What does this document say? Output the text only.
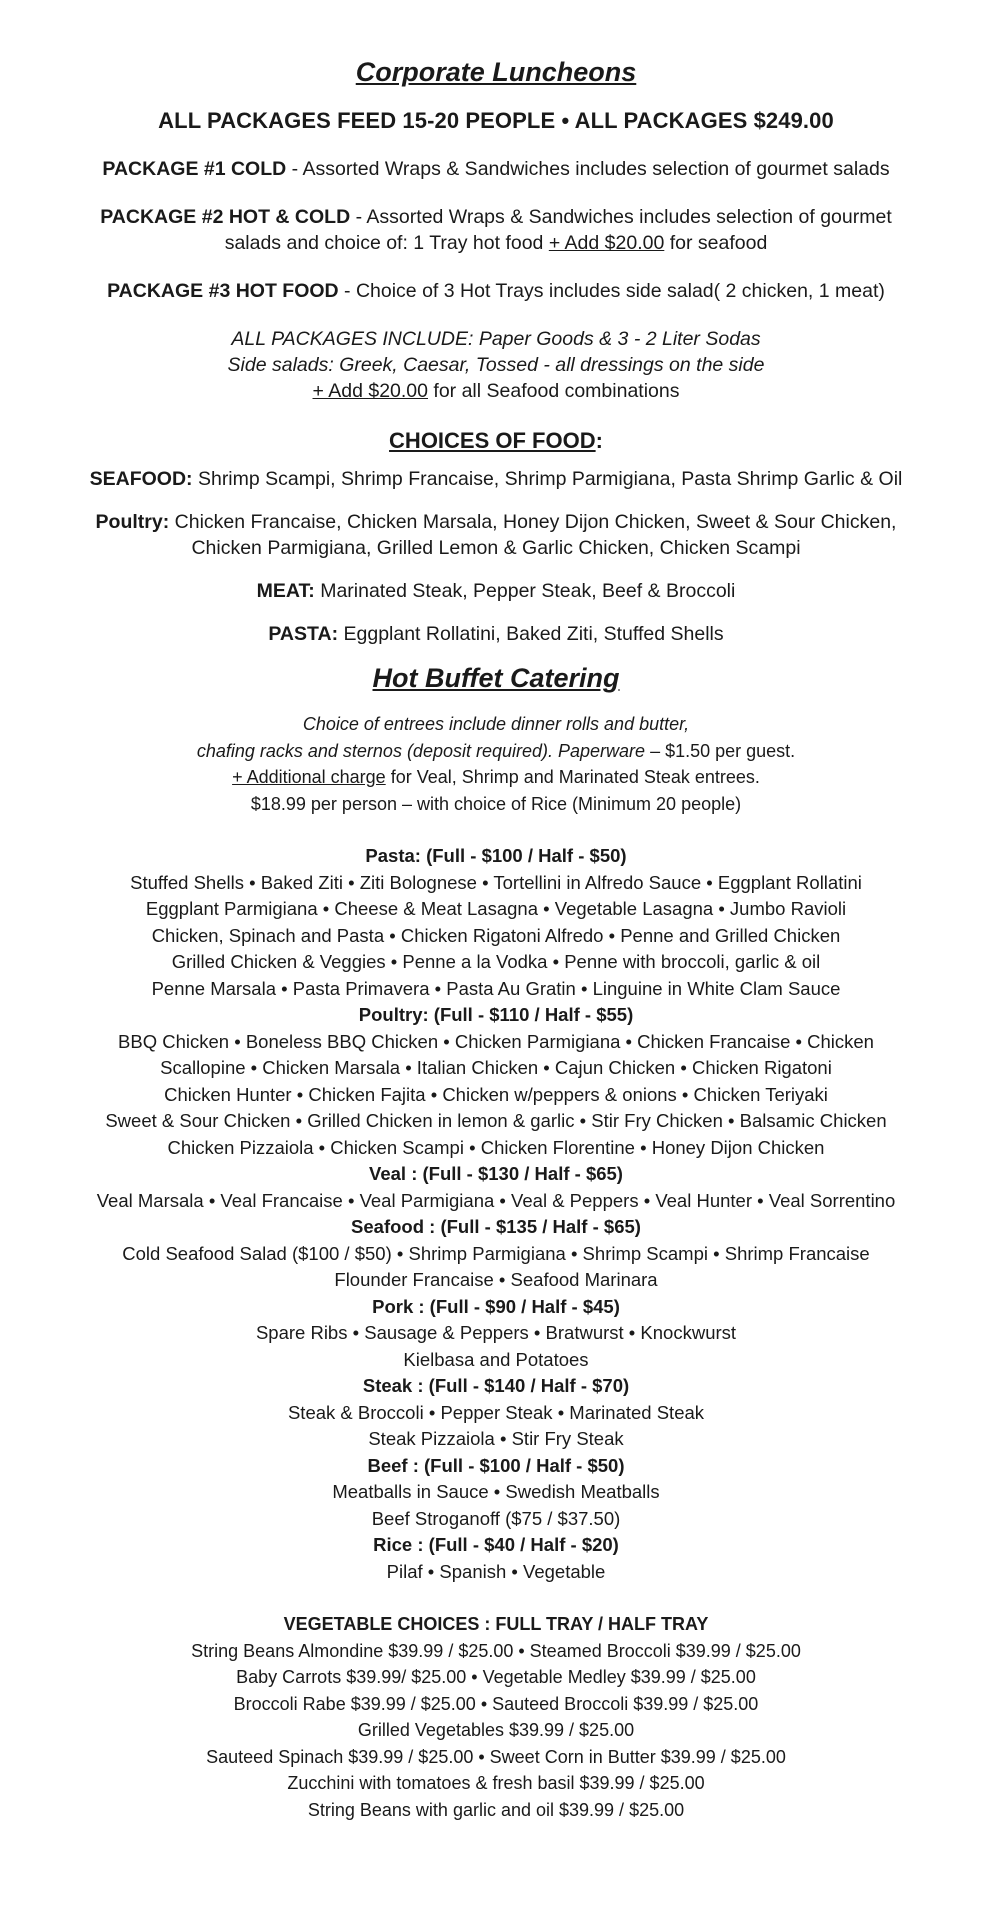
Corporate Luncheons

ALL PACKAGES FEED 15-20 PEOPLE • ALL PACKAGES $249.00

PACKAGE #1 COLD - Assorted Wraps & Sandwiches includes selection of gourmet salads

PACKAGE #2 HOT & COLD - Assorted Wraps & Sandwiches includes selection of gourmet
salads and choice of: 1 Tray hot food + Add $20.00 for seafood

PACKAGE #3 HOT FOOD - Choice of 3 Hot Trays includes side salad( 2 chicken, 1 meat)

ALL PACKAGES INCLUDE: Paper Goods & 3 - 2 Liter Sodas
Side salads: Greek, Caesar, Tossed - all dressings on the side
+ Add $20.00 for all Seafood combinations

CHOICES OF FOOD:

SEAFOOD: Shrimp Scampi, Shrimp Francaise, Shrimp Parmigiana, Pasta Shrimp Garlic & Oil

Poultry: Chicken Francaise, Chicken Marsala, Honey Dijon Chicken, Sweet & Sour Chicken,
Chicken Parmigiana, Grilled Lemon & Garlic Chicken, Chicken Scampi

MEAT: Marinated Steak, Pepper Steak, Beef & Broccoli

PASTA: Eggplant Rollatini, Baked Ziti, Stuffed Shells

Hot Buffet Catering

Choice of entrees include dinner rolls and butter,
chafing racks and sternos (deposit required). Paperware – $1.50 per guest.
+ Additional charge for Veal, Shrimp and Marinated Steak entrees.
$18.99 per person – with choice of Rice (Minimum 20 people)

Pasta: (Full - $100 / Half - $50)
Stuffed Shells • Baked Ziti • Ziti Bolognese • Tortellini in Alfredo Sauce • Eggplant Rollatini
Eggplant Parmigiana • Cheese & Meat Lasagna • Vegetable Lasagna • Jumbo Ravioli
Chicken, Spinach and Pasta • Chicken Rigatoni Alfredo • Penne and Grilled Chicken
Grilled Chicken & Veggies • Penne a la Vodka • Penne with broccoli, garlic & oil
Penne Marsala • Pasta Primavera • Pasta Au Gratin • Linguine in White Clam Sauce
Poultry: (Full - $110 / Half - $55)
BBQ Chicken • Boneless BBQ Chicken • Chicken Parmigiana • Chicken Francaise • Chicken
Scallopine • Chicken Marsala • Italian Chicken • Cajun Chicken • Chicken Rigatoni
Chicken Hunter • Chicken Fajita • Chicken w/peppers & onions • Chicken Teriyaki
Sweet & Sour Chicken • Grilled Chicken in lemon & garlic • Stir Fry Chicken • Balsamic Chicken
Chicken Pizzaiola • Chicken Scampi • Chicken Florentine • Honey Dijon Chicken
Veal : (Full - $130 / Half - $65)
Veal Marsala • Veal Francaise • Veal Parmigiana • Veal & Peppers • Veal Hunter • Veal Sorrentino
Seafood : (Full - $135 / Half - $65)
Cold Seafood Salad ($100 / $50) • Shrimp Parmigiana • Shrimp Scampi • Shrimp Francaise
Flounder Francaise • Seafood Marinara
Pork : (Full - $90 / Half - $45)
Spare Ribs • Sausage & Peppers • Bratwurst • Knockwurst
Kielbasa and Potatoes
Steak : (Full - $140 / Half - $70)
Steak & Broccoli • Pepper Steak • Marinated Steak
Steak Pizzaiola • Stir Fry Steak
Beef : (Full - $100 / Half - $50)
Meatballs in Sauce • Swedish Meatballs
Beef Stroganoff ($75 / $37.50)
Rice : (Full - $40 / Half - $20)
Pilaf • Spanish • Vegetable
VEGETABLE CHOICES : FULL TRAY / HALF TRAY
String Beans Almondine $39.99 / $25.00 • Steamed Broccoli $39.99 / $25.00
Baby Carrots $39.99/ $25.00 • Vegetable Medley $39.99 / $25.00
Broccoli Rabe $39.99 / $25.00 • Sauteed Broccoli $39.99 / $25.00
Grilled Vegetables $39.99 / $25.00
Sauteed Spinach $39.99 / $25.00 • Sweet Corn in Butter $39.99 / $25.00
Zucchini with tomatoes & fresh basil $39.99 / $25.00
String Beans with garlic and oil $39.99 / $25.00
